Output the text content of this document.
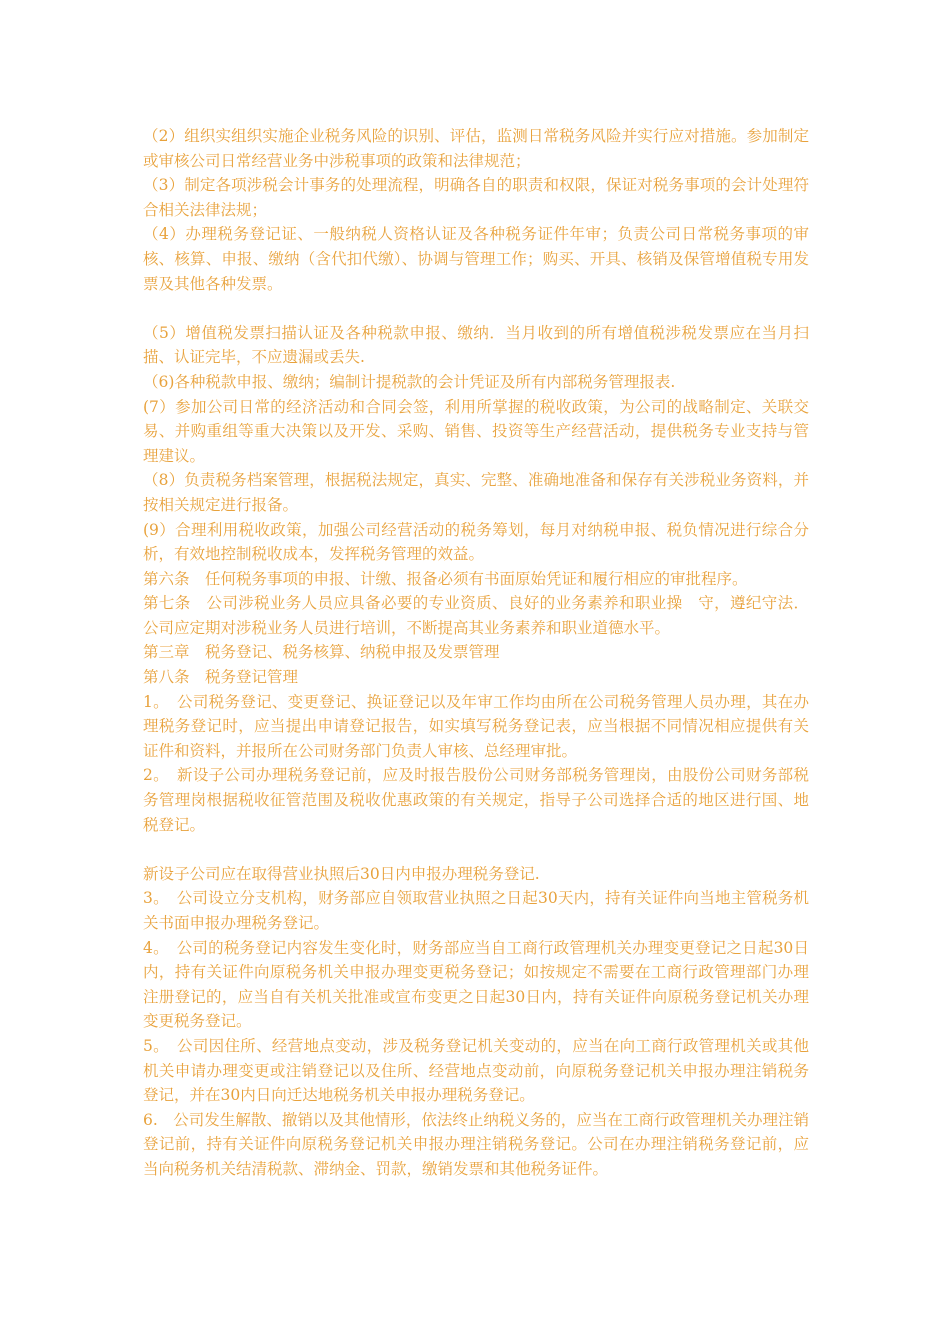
（2）组织实组织实施企业税务风险的识别、评估，监测日常税务风险并实行应对措施。参加制定或审核公司日常经营业务中涉税事项的政策和法律规范；

（3）制定各项涉税会计事务的处理流程，明确各自的职责和权限，保证对税务事项的会计处理符合相关法律法规；

（4）办理税务登记证、一般纳税人资格认证及各种税务证件年审；负责公司日常税务事项的审核、核算、申报、缴纳（含代扣代缴）、协调与管理工作；购买、开具、核销及保管增值税专用发票及其他各种发票。

（5）增值税发票扫描认证及各种税款申报、缴纳．当月收到的所有增值税涉税发票应在当月扫描、认证完毕，不应遗漏或丢失.

（6)各种税款申报、缴纳；编制计提税款的会计凭证及所有内部税务管理报表.

(7）参加公司日常的经济活动和合同会签，利用所掌握的税收政策，为公司的战略制定、关联交易、并购重组等重大决策以及开发、采购、销售、投资等生产经营活动，提供税务专业支持与管理建议。

（8）负责税务档案管理，根据税法规定，真实、完整、准确地准备和保存有关涉税业务资料，并按相关规定进行报备。

(9）合理利用税收政策，加强公司经营活动的税务筹划，每月对纳税申报、税负情况进行综合分析，有效地控制税收成本，发挥税务管理的效益。

第六条　任何税务事项的申报、计缴、报备必须有书面原始凭证和履行相应的审批程序。

第七条　公司涉税业务人员应具备必要的专业资质、良好的业务素养和职业操　守，遵纪守法．公司应定期对涉税业务人员进行培训，不断提高其业务素养和职业道德水平。

第三章　税务登记、税务核算、纳税申报及发票管理

第八条　税务登记管理

1。　公司税务登记、变更登记、换证登记以及年审工作均由所在公司税务管理人员办理，其在办理税务登记时，应当提出申请登记报告，如实填写税务登记表，应当根据不同情况相应提供有关证件和资料，并报所在公司财务部门负责人审核、总经理审批。

2。　新设子公司办理税务登记前，应及时报告股份公司财务部税务管理岗，由股份公司财务部税务管理岗根据税收征管范围及税收优惠政策的有关规定，指导子公司选择合适的地区进行国、地税登记。

新设子公司应在取得营业执照后30日内申报办理税务登记.

3。　公司设立分支机构，财务部应自领取营业执照之日起30天内，持有关证件向当地主管税务机关书面申报办理税务登记。

4。　公司的税务登记内容发生变化时，财务部应当自工商行政管理机关办理变更登记之日起30日内，持有关证件向原税务机关申报办理变更税务登记；如按规定不需要在工商行政管理部门办理注册登记的，应当自有关机关批准或宣布变更之日起30日内，持有关证件向原税务登记机关办理变更税务登记。

5。　公司因住所、经营地点变动，涉及税务登记机关变动的，应当在向工商行政管理机关或其他机关申请办理变更或注销登记以及住所、经营地点变动前，向原税务登记机关申报办理注销税务登记，并在30内日向迁达地税务机关申报办理税务登记。

6.　公司发生解散、撤销以及其他情形，依法终止纳税义务的，应当在工商行政管理机关办理注销登记前，持有关证件向原税务登记机关申报办理注销税务登记。公司在办理注销税务登记前，应当向税务机关结清税款、滞纳金、罚款，缴销发票和其他税务证件。
